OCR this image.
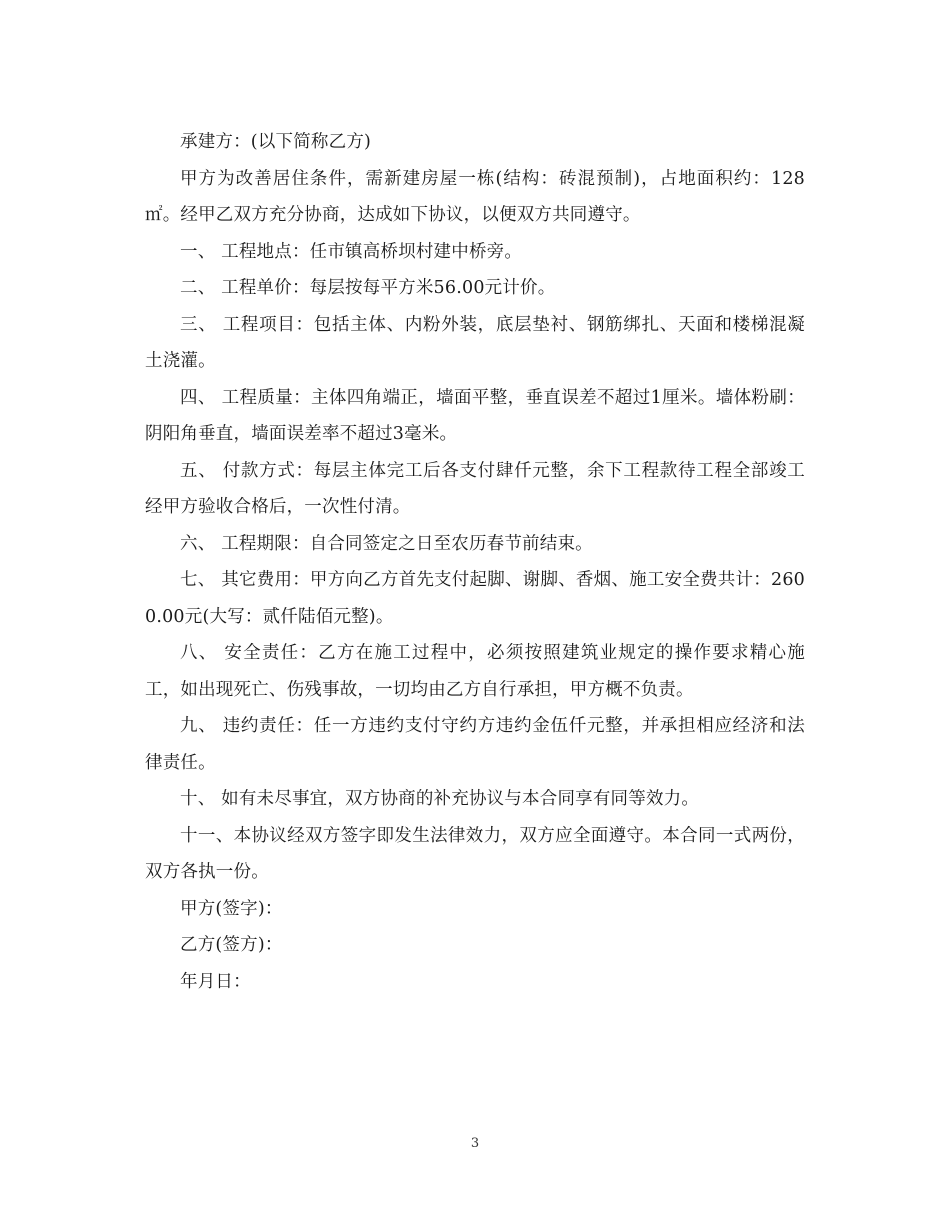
承建方：(以下简称乙方)

甲方为改善居住条件，需新建房屋一栋(结构：砖混预制)，占地面积约：128㎡。经甲乙双方充分协商，达成如下协议，以便双方共同遵守。

一、 工程地点：任市镇高桥坝村建中桥旁。

二、 工程单价：每层按每平方米56.00元计价。

三、 工程项目：包括主体、内粉外装，底层垫衬、钢筋绑扎、天面和楼梯混凝土浇灌。

四、 工程质量：主体四角端正，墙面平整，垂直误差不超过1厘米。墙体粉刷：阴阳角垂直，墙面误差率不超过3毫米。

五、 付款方式：每层主体完工后各支付肆仟元整，余下工程款待工程全部竣工经甲方验收合格后，一次性付清。

六、 工程期限：自合同签定之日至农历春节前结束。

七、 其它费用：甲方向乙方首先支付起脚、谢脚、香烟、施工安全费共计：2600.00元(大写：贰仟陆佰元整)。

八、 安全责任：乙方在施工过程中，必须按照建筑业规定的操作要求精心施工，如出现死亡、伤残事故，一切均由乙方自行承担，甲方概不负责。

九、 违约责任：任一方违约支付守约方违约金伍仟元整，并承担相应经济和法律责任。

十、 如有未尽事宜，双方协商的补充协议与本合同享有同等效力。

十一、本协议经双方签字即发生法律效力，双方应全面遵守。本合同一式两份，双方各执一份。

甲方(签字)：

乙方(签方)：

年月日：

3
